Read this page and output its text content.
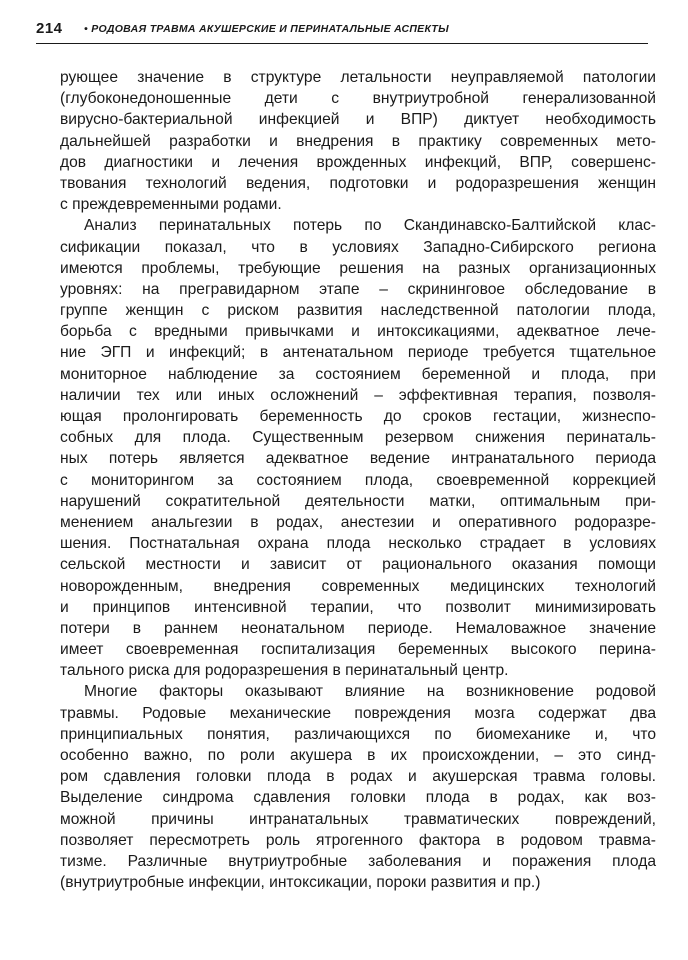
214 • РОДОВАЯ ТРАВМА АКУШЕРСКИЕ И ПЕРИНАТАЛЬНЫЕ АСПЕКТЫ
рующее значение в структуре летальности неуправляемой патологии
(глубоконедоношенные дети с внутриутробной генерализованной
вирусно-бактериальной инфекцией и ВПР) диктует необходимость
дальнейшей разработки и внедрения в практику современных мето-
дов диагностики и лечения врожденных инфекций, ВПР, совершенс-
твования технологий ведения, подготовки и родоразрешения женщин
с преждевременными родами.
Анализ перинатальных потерь по Скандинавско-Балтийской клас-
сификации показал, что в условиях Западно-Сибирского региона
имеются проблемы, требующие решения на разных организационных
уровнях: на прегравидарном этапе – скрининговое обследование в
группе женщин с риском развития наследственной патологии плода,
борьба с вредными привычками и интоксикациями, адекватное лече-
ние ЭГП и инфекций; в антенатальном периоде требуется тщательное
мониторное наблюдение за состоянием беременной и плода, при
наличии тех или иных осложнений – эффективная терапия, позволя-
ющая пролонгировать беременность до сроков гестации, жизнеспо-
собных для плода. Существенным резервом снижения перинаталь-
ных потерь является адекватное ведение интранатального периода
с мониторингом за состоянием плода, своевременной коррекцией
нарушений сократительной деятельности матки, оптимальным при-
менением анальгезии в родах, анестезии и оперативного родоразре-
шения. Постнатальная охрана плода несколько страдает в условиях
сельской местности и зависит от рационального оказания помощи
новорожденным, внедрения современных медицинских технологий
и принципов интенсивной терапии, что позволит минимизировать
потери в раннем неонатальном периоде. Немаловажное значение
имеет своевременная госпитализация беременных высокого перина-
тального риска для родоразрешения в перинатальный центр.
Многие факторы оказывают влияние на возникновение родовой
травмы. Родовые механические повреждения мозга содержат два
принципиальных понятия, различающихся по биомеханике и, что
особенно важно, по роли акушера в их происхождении, – это синд-
ром сдавления головки плода в родах и акушерская травма головы.
Выделение синдрома сдавления головки плода в родах, как воз-
можной причины интранатальных травматических повреждений,
позволяет пересмотреть роль ятрогенного фактора в родовом травма-
тизме. Различные внутриутробные заболевания и поражения плода
(внутриутробные инфекции, интоксикации, пороки развития и пр.)
